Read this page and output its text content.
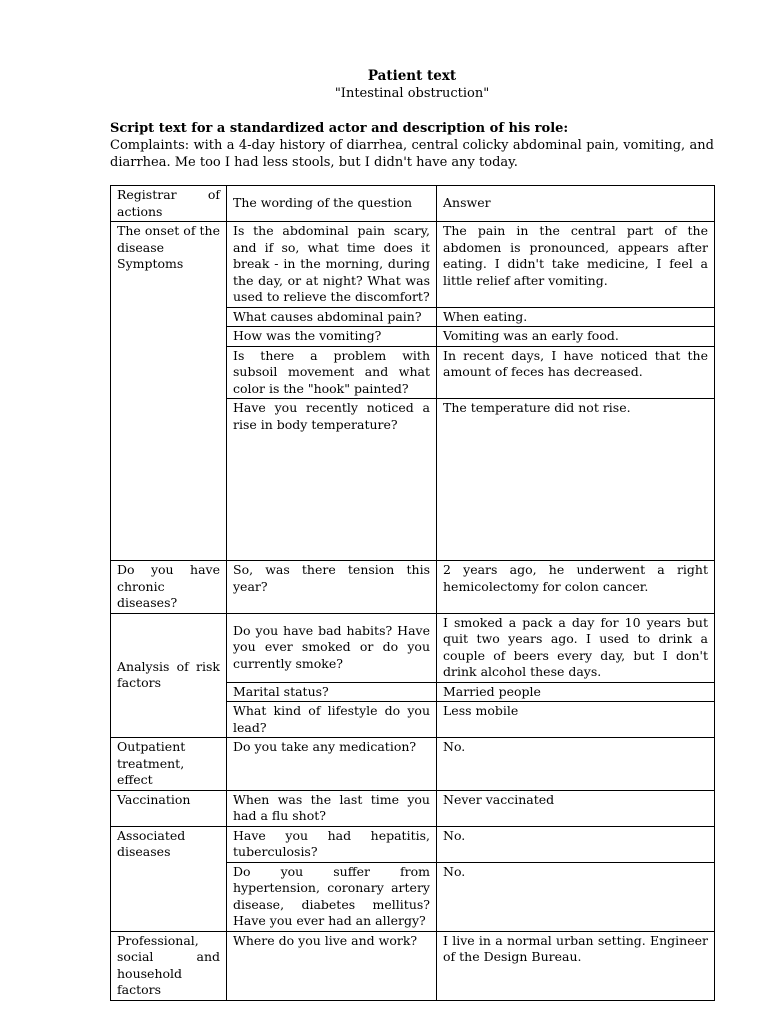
Patient text
"Intestinal obstruction"
Script text for a standardized actor and description of his role:
Complaints: with a 4-day history of diarrhea, central colicky abdominal pain, vomiting, and diarrhea. Me too I had less stools, but I didn't have any today.
Registrar of actions	The wording of the question	Answer
The onset of the disease Symptoms	Is the abdominal pain scary, and if so, what time does it break - in the morning, during the day, or at night? What was used to relieve the discomfort?	The pain in the central part of the abdomen is pronounced, appears after eating. I didn't take medicine, I feel a little relief after vomiting.
	What causes abdominal pain?	When eating.
	How was the vomiting?	Vomiting was an early food.
	Is there a problem with subsoil movement and what color is the "hook" painted?	In recent days, I have noticed that the amount of feces has decreased.
	Have you recently noticed a rise in body temperature?	The temperature did not rise.
Do you have chronic diseases?	So, was there tension this year?	2 years ago, he underwent a right hemicolectomy for colon cancer.
Analysis of risk factors	Do you have bad habits? Have you ever smoked or do you currently smoke?	I smoked a pack a day for 10 years but quit two years ago. I used to drink a couple of beers every day, but I don't drink alcohol these days.
	Marital status?	Married people
	What kind of lifestyle do you lead?	Less mobile
Outpatient treatment, effect	Do you take any medication?	No.
Vaccination	When was the last time you had a flu shot?	Never vaccinated
Associated diseases	Have you had hepatitis, tuberculosis?	No.
	Do you suffer from hypertension, coronary artery disease, diabetes mellitus? Have you ever had an allergy?	No.
Professional, social and household factors	Where do you live and work?	I live in a normal urban setting. Engineer of the Design Bureau.
